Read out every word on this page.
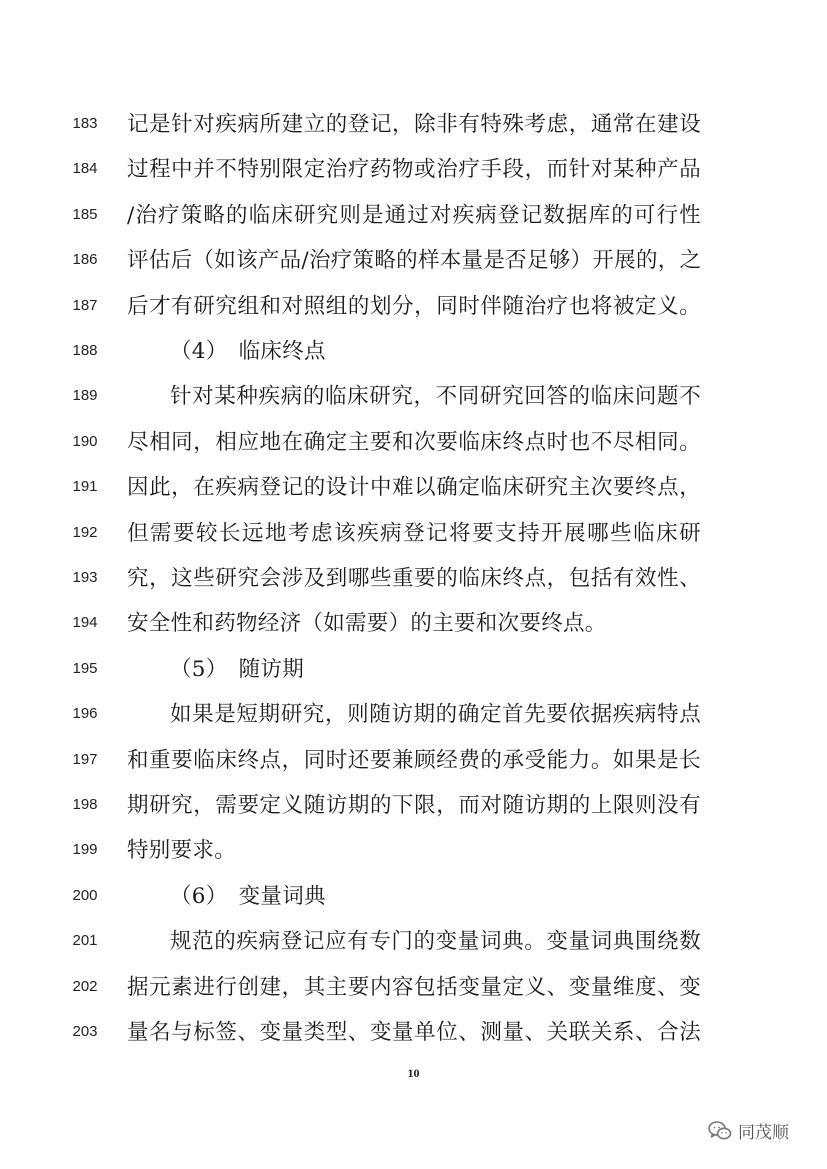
183	记是针对疾病所建立的登记，除非有特殊考虑，通常在建设
184	过程中并不特别限定治疗药物或治疗手段，而针对某种产品
185	/治疗策略的临床研究则是通过对疾病登记数据库的可行性
186	评估后（如该产品/治疗策略的样本量是否足够）开展的，之
187	后才有研究组和对照组的划分，同时伴随治疗也将被定义。
188	（4）　临床终点
189	针对某种疾病的临床研究，不同研究回答的临床问题不
190	尽相同，相应地在确定主要和次要临床终点时也不尽相同。
191	因此，在疾病登记的设计中难以确定临床研究主次要终点，
192	但需要较长远地考虑该疾病登记将要支持开展哪些临床研
193	究，这些研究会涉及到哪些重要的临床终点，包括有效性、
194	安全性和药物经济（如需要）的主要和次要终点。
195	（5）　随访期
196	如果是短期研究，则随访期的确定首先要依据疾病特点
197	和重要临床终点，同时还要兼顾经费的承受能力。如果是长
198	期研究，需要定义随访期的下限，而对随访期的上限则没有
199	特别要求。
200	（6）　变量词典
201	规范的疾病登记应有专门的变量词典。变量词典围绕数
202	据元素进行创建，其主要内容包括变量定义、变量维度、变
203	量名与标签、变量类型、变量单位、测量、关联关系、合法
10
同茂顺
